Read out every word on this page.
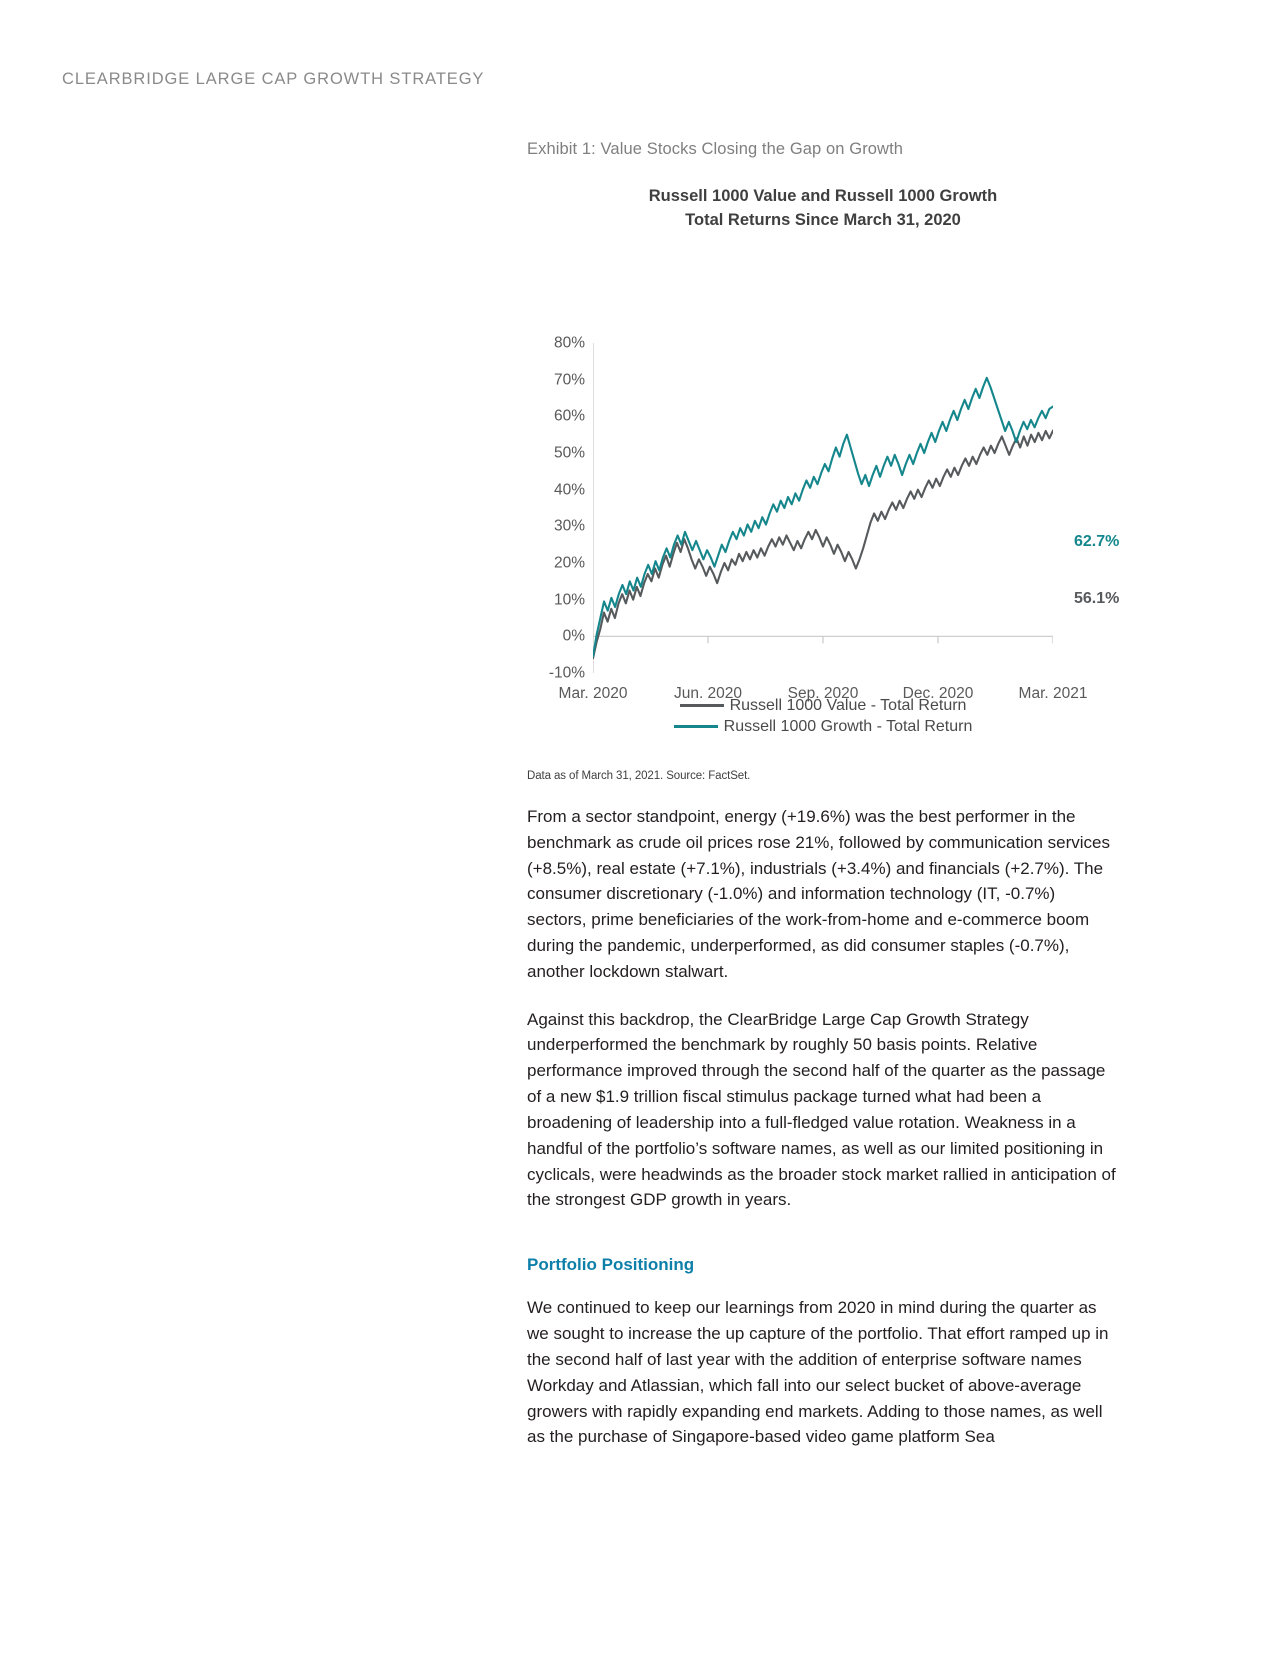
CLEARBRIDGE LARGE CAP GROWTH STRATEGY
Exhibit 1: Value Stocks Closing the Gap on Growth
Russell 1000 Value and Russell 1000 Growth
Total Returns Since March 31, 2020
80%
70%
60%
50%
40%
30%
20%
10%
0%
-10%
Mar. 2020	Jun. 2020	Sep. 2020	Dec. 2020	Mar. 2021
62.7%
56.1%
Russell 1000 Value - Total Return
Russell 1000 Growth - Total Return
Data as of March 31, 2021. Source: FactSet.

From a sector standpoint, energy (+19.6%) was the best performer in the benchmark as crude oil prices rose 21%, followed by communication services (+8.5%), real estate (+7.1%), industrials (+3.4%) and financials (+2.7%). The consumer discretionary (-1.0%) and information technology (IT, -0.7%) sectors, prime beneficiaries of the work-from-home and e-commerce boom during the pandemic, underperformed, as did consumer staples (-0.7%), another lockdown stalwart.

Against this backdrop, the ClearBridge Large Cap Growth Strategy underperformed the benchmark by roughly 50 basis points. Relative performance improved through the second half of the quarter as the passage of a new $1.9 trillion fiscal stimulus package turned what had been a broadening of leadership into a full-fledged value rotation. Weakness in a handful of the portfolio’s software names, as well as our limited positioning in cyclicals, were headwinds as the broader stock market rallied in anticipation of the strongest GDP growth in years.

Portfolio Positioning

We continued to keep our learnings from 2020 in mind during the quarter as we sought to increase the up capture of the portfolio. That effort ramped up in the second half of last year with the addition of enterprise software names Workday and Atlassian, which fall into our select bucket of above-average growers with rapidly expanding end markets. Adding to those names, as well as the purchase of Singapore-based video game platform Sea
